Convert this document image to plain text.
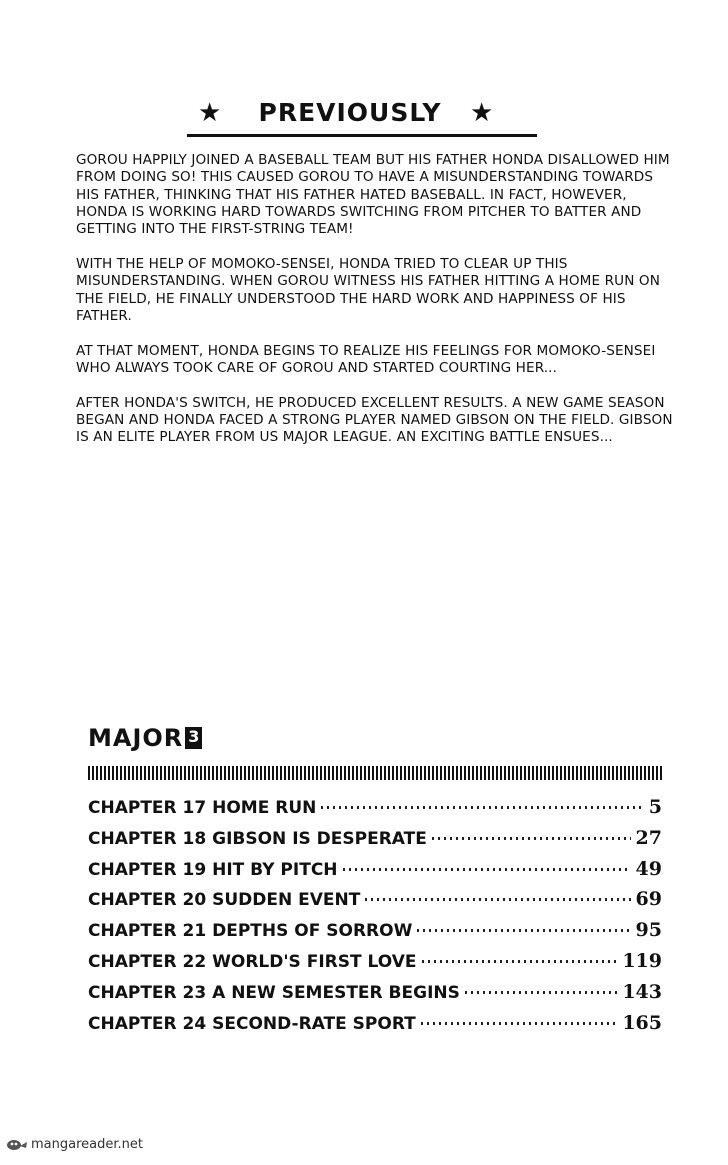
★	PREVIOUSLY	★

GOROU HAPPILY JOINED A BASEBALL TEAM BUT HIS FATHER HONDA DISALLOWED HIM FROM DOING SO! THIS CAUSED GOROU TO HAVE A MISUNDERSTANDING TOWARDS HIS FATHER, THINKING THAT HIS FATHER HATED BASEBALL. IN FACT, HOWEVER, HONDA IS WORKING HARD TOWARDS SWITCHING FROM PITCHER TO BATTER AND GETTING INTO THE FIRST-STRING TEAM!

WITH THE HELP OF MOMOKO-SENSEI, HONDA TRIED TO CLEAR UP THIS MISUNDERSTANDING. WHEN GOROU WITNESS HIS FATHER HITTING A HOME RUN ON THE FIELD, HE FINALLY UNDERSTOOD THE HARD WORK AND HAPPINESS OF HIS FATHER.

AT THAT MOMENT, HONDA BEGINS TO REALIZE HIS FEELINGS FOR MOMOKO-SENSEI WHO ALWAYS TOOK CARE OF GOROU AND STARTED COURTING HER...

AFTER HONDA'S SWITCH, HE PRODUCED EXCELLENT RESULTS. A NEW GAME SEASON BEGAN AND HONDA FACED A STRONG PLAYER NAMED GIBSON ON THE FIELD. GIBSON IS AN ELITE PLAYER FROM US MAJOR LEAGUE. AN EXCITING BATTLE ENSUES...

MAJOR 3
CHAPTER 17 HOME RUN	5
CHAPTER 18 GIBSON IS DESPERATE	27
CHAPTER 19 HIT BY PITCH	49
CHAPTER 20 SUDDEN EVENT	69
CHAPTER 21 DEPTHS OF SORROW	95
CHAPTER 22 WORLD'S FIRST LOVE	119
CHAPTER 23 A NEW SEMESTER BEGINS	143
CHAPTER 24 SECOND-RATE SPORT	165
mangareader.net
